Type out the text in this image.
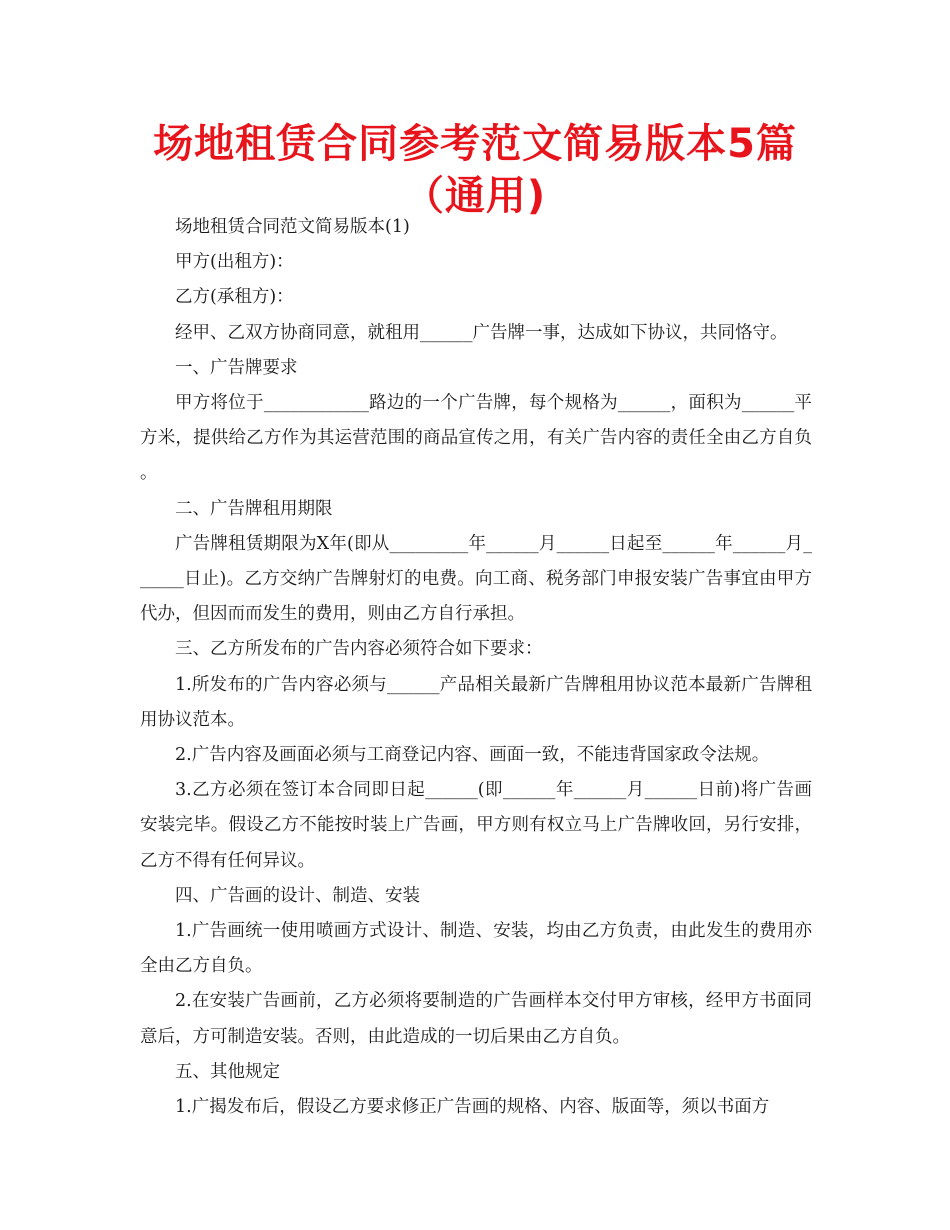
场地租赁合同参考范文简易版本5篇（通用)

场地租赁合同范文简易版本(1)

甲方(出租方)：

乙方(承租方)：

经甲、乙双方协商同意，就租用______广告牌一事，达成如下协议，共同恪守。

一、广告牌要求

甲方将位于____________路边的一个广告牌，每个规格为______，面积为______平方米，提供给乙方作为其运营范围的商品宣传之用，有关广告内容的责任全由乙方自负。

二、广告牌租用期限

广告牌租赁期限为X年(即从_________年______月______日起至______年______月______日止)。乙方交纳广告牌射灯的电费。向工商、税务部门申报安装广告事宜由甲方代办，但因而而发生的费用，则由乙方自行承担。

三、乙方所发布的广告内容必须符合如下要求：

1.所发布的广告内容必须与______产品相关最新广告牌租用协议范本最新广告牌租用协议范本。

2.广告内容及画面必须与工商登记内容、画面一致，不能违背国家政令法规。

3.乙方必须在签订本合同即日起______(即______年______月______日前)将广告画安装完毕。假设乙方不能按时装上广告画，甲方则有权立马上广告牌收回，另行安排，乙方不得有任何异议。

四、广告画的设计、制造、安装

1.广告画统一使用喷画方式设计、制造、安装，均由乙方负责，由此发生的费用亦全由乙方自负。

2.在安装广告画前，乙方必须将要制造的广告画样本交付甲方审核，经甲方书面同意后，方可制造安装。否则，由此造成的一切后果由乙方自负。

五、其他规定

1.广揭发布后，假设乙方要求修正广告画的规格、内容、版面等，须以书面方
